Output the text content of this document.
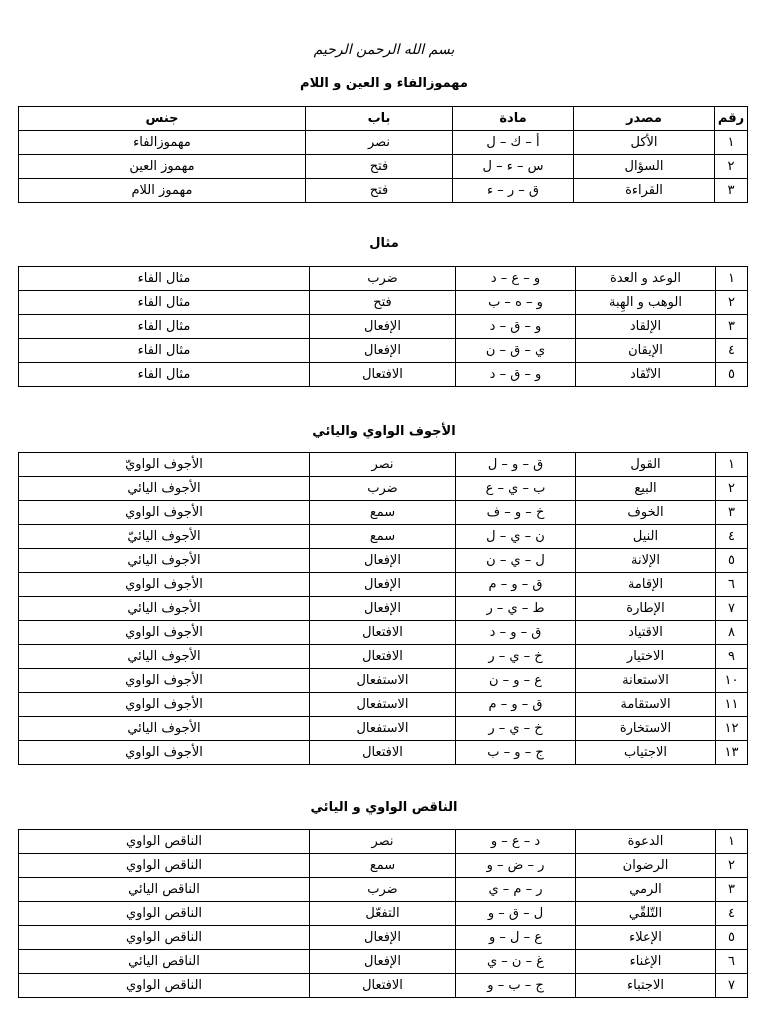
بسم الله الرحمن الرحيم
مهموزالفاء و العين و اللام
رقم	مصدر	مادة	باب	جنس
١	الأكل	أ – ك – ل	نصر	مهموزالفاء
٢	السؤال	س – ء – ل	فتح	مهموز العين
٣	القراءة	ق – ر – ء	فتح	مهموز اللام
مثال
١	الوعد و العدة	و – ع – د	ضرب	مثال الفاء
٢	الوهب و الهِبة	و – ه – ب	فتح	مثال الفاء
٣	الإلقاد	و – ق – د	الإفعال	مثال الفاء
٤	الإيقان	ي – ق – ن	الإفعال	مثال الفاء
٥	الاتّقاد	و – ق – د	الافتعال	مثال الفاء
الأجوف الواوي واليائي
١	القول	ق – و – ل	نصر	الأجوف الواويّ
٢	البيع	ب – ي – ع	ضرب	الأجوف اليائي
٣	الخوف	خ – و – ف	سمع	الأجوف الواوي
٤	النيل	ن – ي – ل	سمع	الأجوف اليائيّ
٥	الإلانة	ل – ي – ن	الإفعال	الأجوف اليائي
٦	الإقامة	ق – و – م	الإفعال	الأجوف الواوي
٧	الإطارة	ط – ي – ر	الإفعال	الأجوف اليائي
٨	الاقتياد	ق – و – د	الافتعال	الأجوف الواوي
٩	الاختيار	خ – ي – ر	الافتعال	الأجوف اليائي
١٠	الاستعانة	ع – و – ن	الاستفعال	الأجوف الواوي
١١	الاستقامة	ق – و – م	الاستفعال	الأجوف الواوي
١٢	الاستخارة	خ – ي – ر	الاستفعال	الأجوف اليائي
١٣	الاجتياب	ج – و – ب	الافتعال	الأجوف الواوي
الناقص الواوي و اليائي
١	الدعوة	د – ع – و	نصر	الناقص الواوي
٢	الرضوان	ر – ض – و	سمع	الناقص الواوي
٣	الرمي	ر – م – ي	ضرب	الناقص اليائي
٤	التّلقّي	ل – ق – و	التفعّل	الناقص الواوي
٥	الإعلاء	ع – ل – و	الإفعال	الناقص الواوي
٦	الإغناء	غ – ن – ي	الإفعال	الناقص اليائي
٧	الاجتباء	ج – ب – و	الافتعال	الناقص الواوي
